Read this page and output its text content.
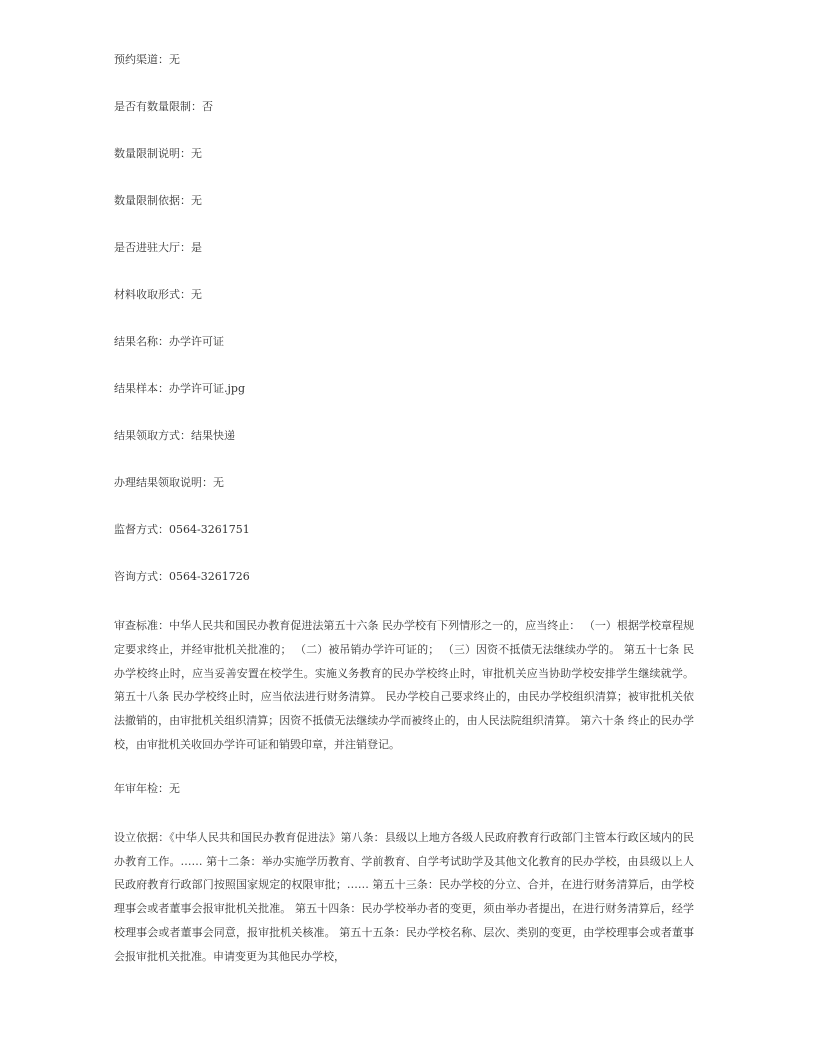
预约渠道：无
是否有数量限制：否
数量限制说明：无
数量限制依据：无
是否进驻大厅：是
材料收取形式：无
结果名称：办学许可证
结果样本：办学许可证.jpg
结果领取方式：结果快递
办理结果领取说明：无
监督方式：0564-3261751
咨询方式：0564-3261726
审查标准：中华人民共和国民办教育促进法第五十六条 民办学校有下列情形之一的，应当终止： （一）根据学校章程规定要求终止，并经审批机关批准的； （二）被吊销办学许可证的； （三）因资不抵债无法继续办学的。 第五十七条 民办学校终止时，应当妥善安置在校学生。实施义务教育的民办学校终止时，审批机关应当协助学校安排学生继续就学。 第五十八条 民办学校终止时，应当依法进行财务清算。 民办学校自己要求终止的，由民办学校组织清算；被审批机关依法撤销的，由审批机关组织清算；因资不抵债无法继续办学而被终止的，由人民法院组织清算。 第六十条 终止的民办学校，由审批机关收回办学许可证和销毁印章，并注销登记。
年审年检：无
设立依据：《中华人民共和国民办教育促进法》第八条：县级以上地方各级人民政府教育行政部门主管本行政区域内的民办教育工作。…… 第十二条：举办实施学历教育、学前教育、自学考试助学及其他文化教育的民办学校，由县级以上人民政府教育行政部门按照国家规定的权限审批；…… 第五十三条：民办学校的分立、合并，在进行财务清算后，由学校理事会或者董事会报审批机关批准。 第五十四条：民办学校举办者的变更，须由举办者提出，在进行财务清算后，经学校理事会或者董事会同意，报审批机关核准。 第五十五条：民办学校名称、层次、类别的变更，由学校理事会或者董事会报审批机关批准。申请变更为其他民办学校，
